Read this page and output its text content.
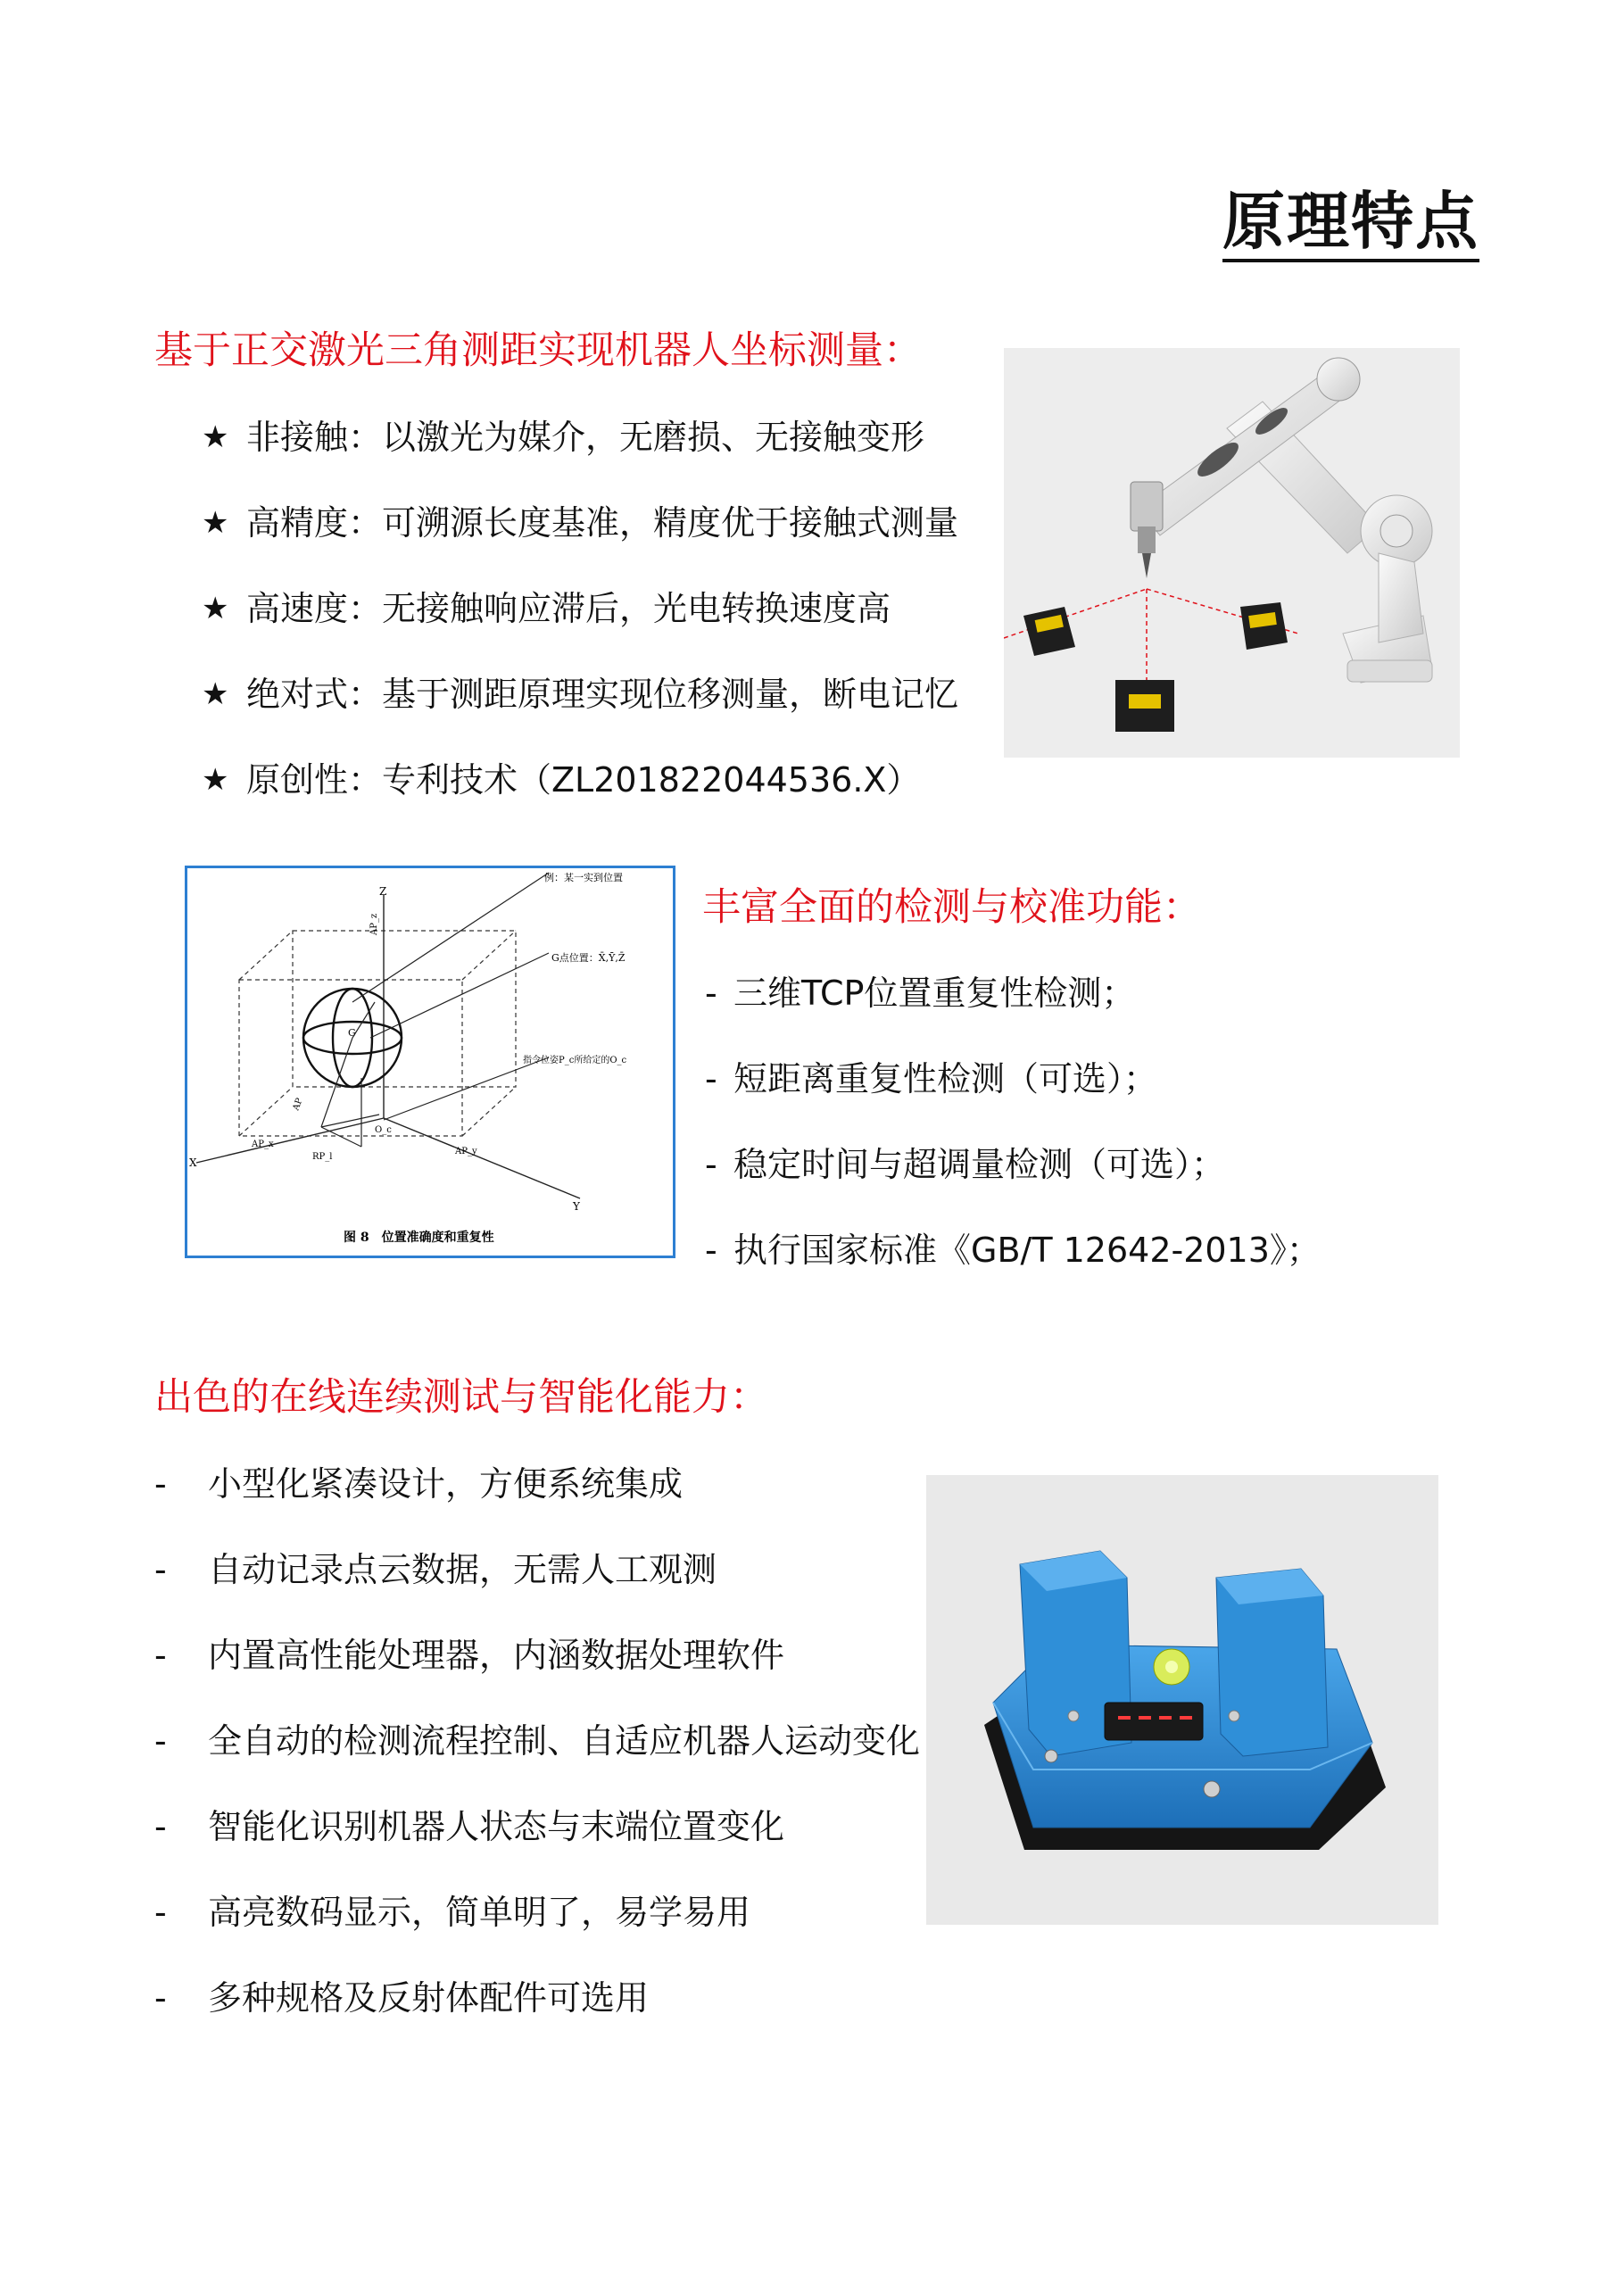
原理特点
基于正交激光三角测距实现机器人坐标测量：
★ 非接触：以激光为媒介，无磨损、无接触变形
★ 高精度：可溯源长度基准，精度优于接触式测量
★ 高速度：无接触响应滞后，光电转换速度高
★ 绝对式：基于测距原理实现位移测量，断电记忆
★ 原创性：专利技术（ZL201822044536.X）
Z
X
Y
G
例：某一实到位置
G点位置：X̄,Ȳ,Z̄
指令位姿P_c所给定的O_c
AP_z
AP
AP_x
RP_l
O_c
AP_y
图 8　位置准确度和重复性
丰富全面的检测与校准功能：
- 三维TCP位置重复性检测；
- 短距离重复性检测（可选）；
- 稳定时间与超调量检测（可选）；
- 执行国家标准《GB/T 12642-2013》；
出色的在线连续测试与智能化能力：
-	小型化紧凑设计，方便系统集成
-	自动记录点云数据，无需人工观测
-	内置高性能处理器，内涵数据处理软件
-	全自动的检测流程控制、自适应机器人运动变化
-	智能化识别机器人状态与末端位置变化
-	高亮数码显示，简单明了，易学易用
-	多种规格及反射体配件可选用
